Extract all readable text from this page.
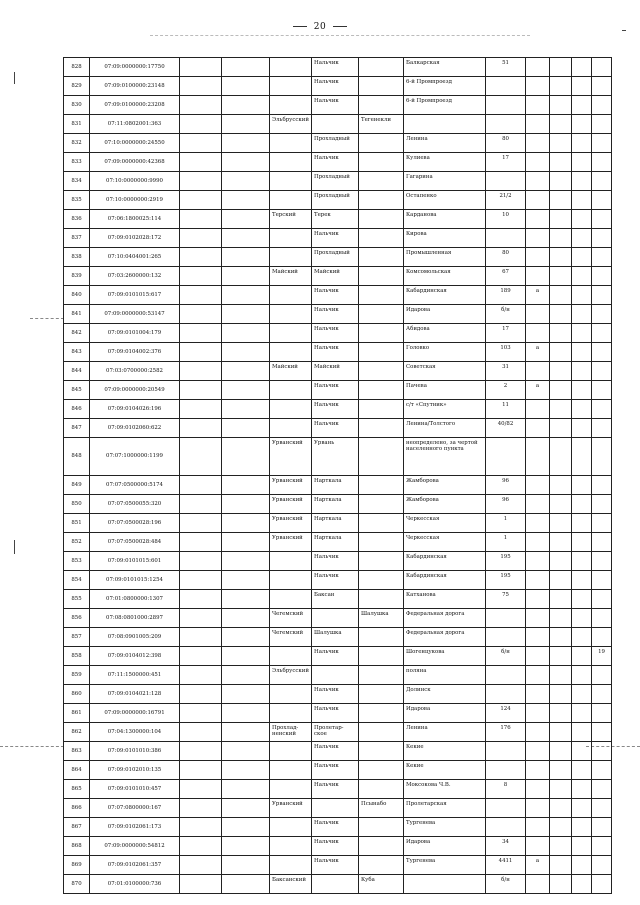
20
828	07:09:0000000:17750				Нальчик		Балкарская	51				
829	07:09:0100000:23148				Нальчик		6-й Промпроезд					
830	07:09:0100000:23208				Нальчик		6-й Промпроезд					
831	07:11:0802001:363			Эльбрусский		Тегенекли						
832	07:10:0000000:24550				Прохладный		Ленина	80				
833	07:09:0000000:42368				Нальчик		Кулиева	17				
834	07:10:0000000:9990				Прохладный		Гагарина					
835	07:10:0000000:2919				Прохладный		Остапенко	21/2				
836	07:06:1800025:114			Терский	Терек		Карданова	10				
837	07:09:0102028:172				Нальчик		Кирова					
838	07:10:0404001:265				Прохладный		Промышленная	80				
839	07:03:2600000:132			Майский	Майский		Комсомольская	67				
840	07:09:0101015:617				Нальчик		Кабардинская	189	а			
841	07:09:0000000:53147				Нальчик		Идарова	б/н				
842	07:09:0101004:179				Нальчик		Абидова	17				
843	07:09:0104002:376				Нальчик		Головко	103	а			
844	07:03:0700000:2582			Майский	Майский		Советская	31				
845	07:09:0000000:20549				Нальчик		Пачева	2	а			
846	07:09:0104026:196				Нальчик		с/т «Спутник»	11				
847	07:09:0102060:622				Нальчик		Ленина/Толстого	40/82				
848	07:07:1000000:1199			Урванский	Урвань		неопределено, за чертой населенного пункта					
849	07:07:0500000:5174			Урванский	Нарткала		Жамборова	96				
850	07:07:0500055:320			Урванский	Нарткала		Жамборова	96				
851	07:07:0500028:196			Урванский	Нарткала		Черкесская	1				
852	07:07:0500028:484			Урванский	Нарткала		Черкесская	1				
853	07:09:0101015:601				Нальчик		Кабардинская	195				
854	07:09:0101015:1254				Нальчик		Кабардинская	195				
855	07:01:0800000:1307				Баксан		Катханова	75				
856	07:08:0801000:2897			Чегемский		Шалушка	Федеральная дорога					
857	07:08:0901005:209			Чегемский	Шалушка		Федеральная дорога					
858	07:09:0104012:398				Нальчик		Шогенцукова	б/н				19
859	07:11:1500000:451			Эльбрусский			поляна					
860	07:09:0104021:128				Нальчик		Долинск					
861	07:09:0000000:16791				Нальчик		Идарова	124				
862	07:04:1300000:104			Прохлад-ненский	Пролетар-ское		Ленина	176				
863	07:09:0101010:386				Нальчик		Кекие					
864	07:09:0102010:135				Нальчик		Кекие					
865	07:09:0101010:457				Нальчик		Моксокова Ч.В.	8				
866	07:07:0800000:167			Урванский		Псынабо	Пролетарская					
867	07:09:0102061:173				Нальчик		Тургенева					
868	07:09:0000000:54812				Нальчик		Идарова	34				
869	07:09:0102061:357				Нальчик		Тургенева	4411	а			
870	07:01:0100000:736			Баксанский		Куба		б/н				
